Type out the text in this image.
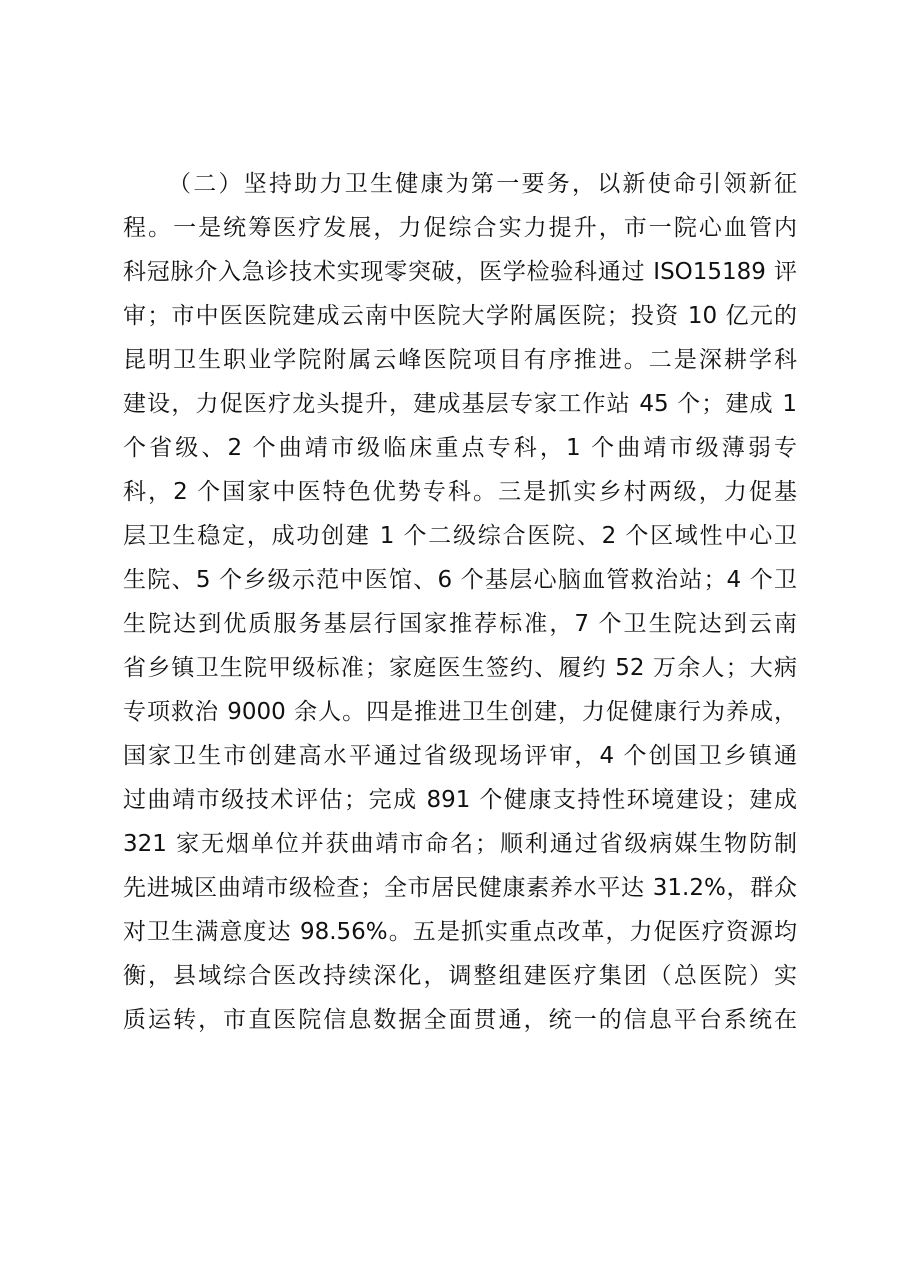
（二）坚持助力卫生健康为第一要务，以新使命引领新征
程。一是统筹医疗发展，力促综合实力提升，市一院心血管内
科冠脉介入急诊技术实现零突破，医学检验科通过 ISO15189 评
审；市中医医院建成云南中医院大学附属医院；投资 10 亿元的
昆明卫生职业学院附属云峰医院项目有序推进。二是深耕学科
建设，力促医疗龙头提升，建成基层专家工作站 45 个；建成 1
个省级、2 个曲靖市级临床重点专科，1 个曲靖市级薄弱专
科，2 个国家中医特色优势专科。三是抓实乡村两级，力促基
层卫生稳定，成功创建 1 个二级综合医院、2 个区域性中心卫
生院、5 个乡级示范中医馆、6 个基层心脑血管救治站；4 个卫
生院达到优质服务基层行国家推荐标准，7 个卫生院达到云南
省乡镇卫生院甲级标准；家庭医生签约、履约 52 万余人；大病
专项救治 9000 余人。四是推进卫生创建，力促健康行为养成，
国家卫生市创建高水平通过省级现场评审，4 个创国卫乡镇通
过曲靖市级技术评估；完成 891 个健康支持性环境建设；建成
321 家无烟单位并获曲靖市命名；顺利通过省级病媒生物防制
先进城区曲靖市级检查；全市居民健康素养水平达 31.2%，群众
对卫生满意度达 98.56%。五是抓实重点改革，力促医疗资源均
衡，县域综合医改持续深化，调整组建医疗集团（总医院）实
质运转，市直医院信息数据全面贯通，统一的信息平台系统在
